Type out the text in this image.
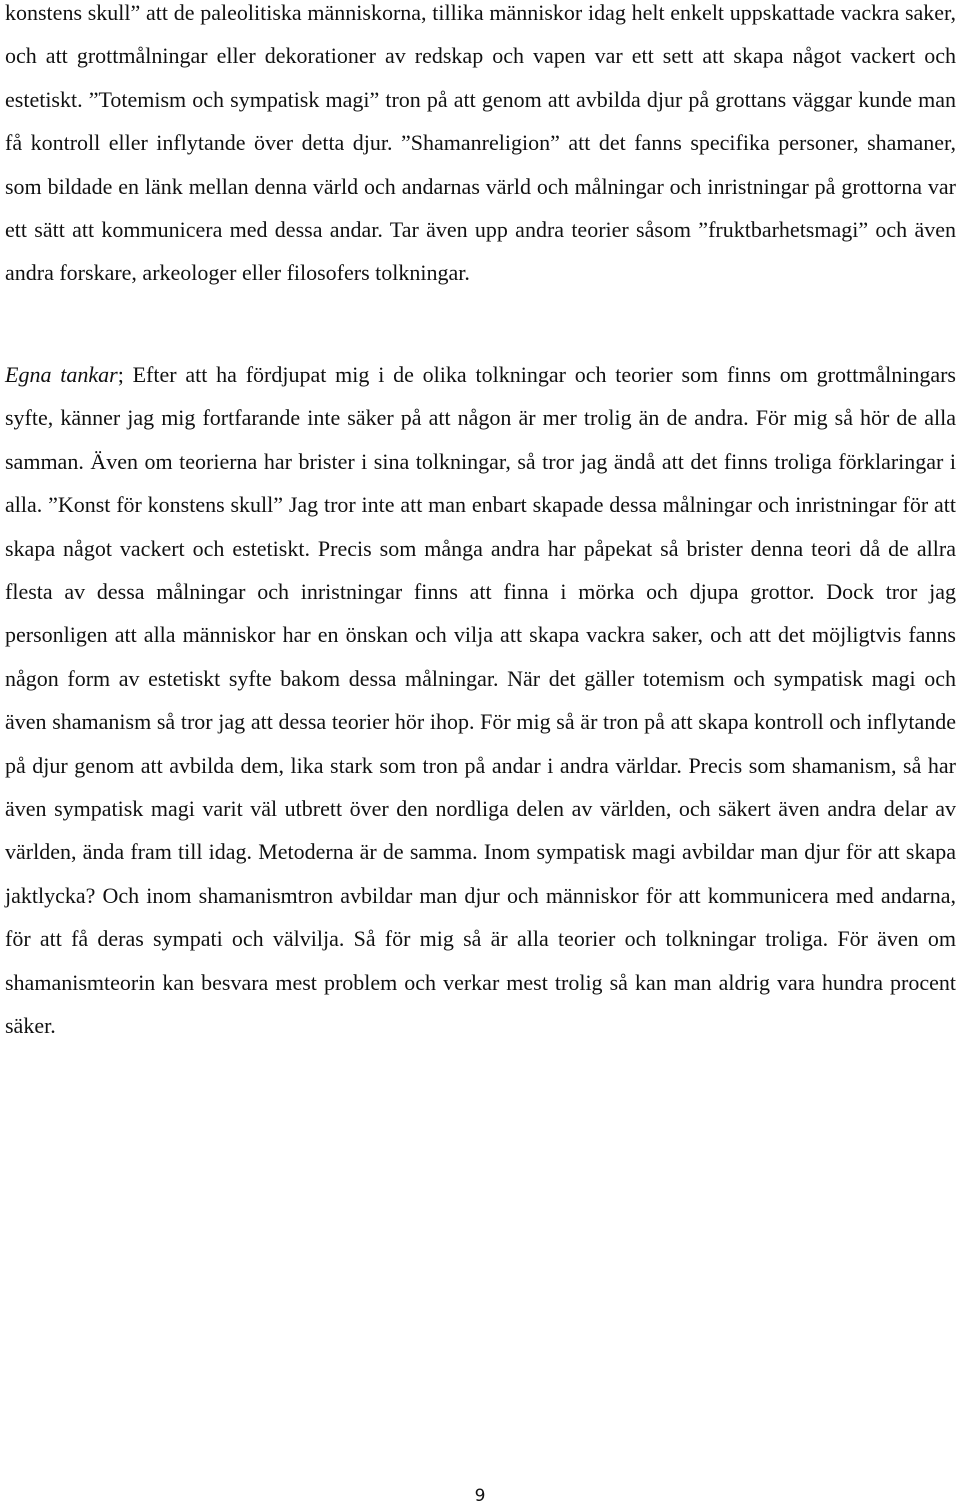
konstens skull” att de paleolitiska människorna, tillika människor idag helt enkelt uppskattade vackra saker, och att grottmålningar eller dekorationer av redskap och vapen var ett sett att skapa något vackert och estetiskt. ”Totemism och sympatisk magi” tron på att genom att avbilda djur på grottans väggar kunde man få kontroll eller inflytande över detta djur. ”Shamanreligion” att det fanns specifika personer, shamaner, som bildade en länk mellan denna värld och andarnas värld och målningar och inristningar på grottorna var ett sätt att kommunicera med dessa andar. Tar även upp andra teorier såsom ”fruktbarhetsmagi” och även andra forskare, arkeologer eller filosofers tolkningar.

Egna tankar; Efter att ha fördjupat mig i de olika tolkningar och teorier som finns om grottmålningars syfte, känner jag mig fortfarande inte säker på att någon är mer trolig än de andra. För mig så hör de alla samman. Även om teorierna har brister i sina tolkningar, så tror jag ändå att det finns troliga förklaringar i alla. ”Konst för konstens skull” Jag tror inte att man enbart skapade dessa målningar och inristningar för att skapa något vackert och estetiskt. Precis som många andra har påpekat så brister denna teori då de allra flesta av dessa målningar och inristningar finns att finna i mörka och djupa grottor. Dock tror jag personligen att alla människor har en önskan och vilja att skapa vackra saker, och att det möjligtvis fanns någon form av estetiskt syfte bakom dessa målningar. När det gäller totemism och sympatisk magi och även shamanism så tror jag att dessa teorier hör ihop. För mig så är tron på att skapa kontroll och inflytande på djur genom att avbilda dem, lika stark som tron på andar i andra världar. Precis som shamanism, så har även sympatisk magi varit väl utbrett över den nordliga delen av världen, och säkert även andra delar av världen, ända fram till idag. Metoderna är de samma. Inom sympatisk magi avbildar man djur för att skapa jaktlycka? Och inom shamanismtron avbildar man djur och människor för att kommunicera med andarna, för att få deras sympati och välvilja. Så för mig så är alla teorier och tolkningar troliga. För även om shamanismteorin kan besvara mest problem och verkar mest trolig så kan man aldrig vara hundra procent säker.

9
